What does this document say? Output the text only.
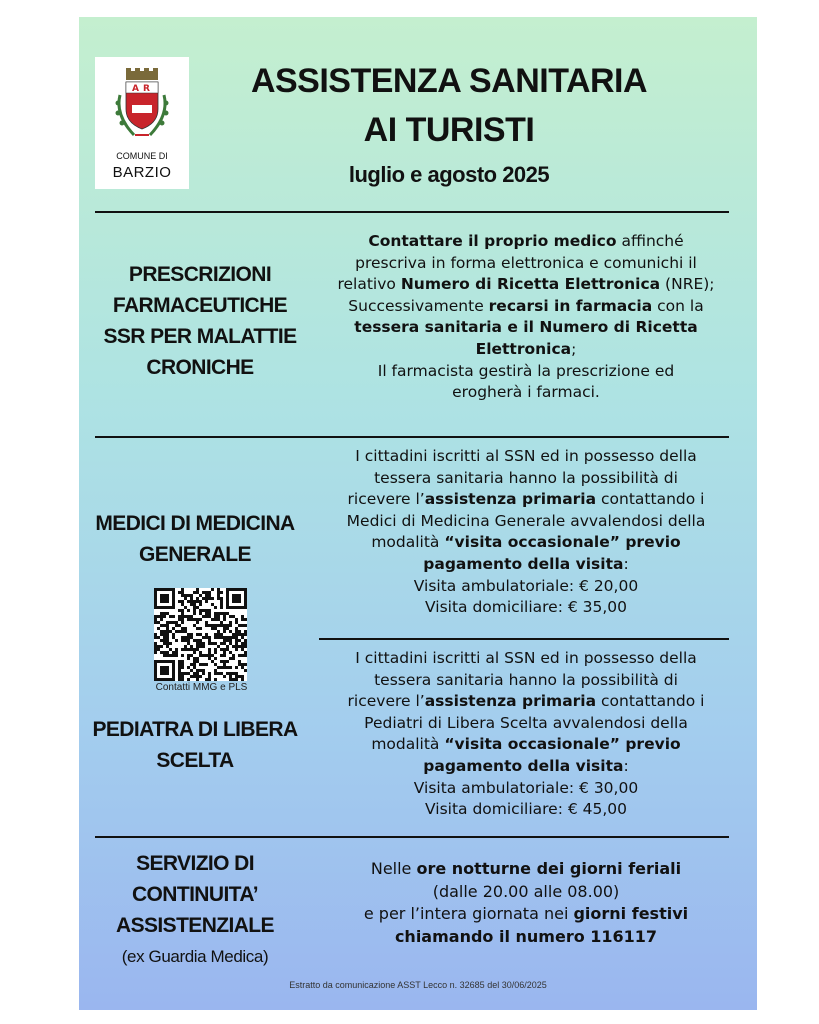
A R
COMUNE DI
BARZIO
ASSISTENZA SANITARIA
AI TURISTI
luglio e agosto 2025
PRESCRIZIONI
FARMACEUTICHE
SSR PER MALATTIE
CRONICHE
Contattare il proprio medico affinché
prescriva in forma elettronica e comunichi il
relativo Numero di Ricetta Elettronica (NRE);
Successivamente recarsi in farmacia con la
tessera sanitaria e il Numero di Ricetta
Elettronica;
Il farmacista gestirà la prescrizione ed
erogherà i farmaci.
MEDICI DI MEDICINA
GENERALE
I cittadini iscritti al SSN ed in possesso della
tessera sanitaria hanno la possibilità di
ricevere l’assistenza primaria contattando i
Medici di Medicina Generale avvalendosi della
modalità “visita occasionale” previo
pagamento della visita:
Visita ambulatoriale: € 20,00
Visita domiciliare: € 35,00
Contatti MMG e PLS
PEDIATRA DI LIBERA
SCELTA
I cittadini iscritti al SSN ed in possesso della
tessera sanitaria hanno la possibilità di
ricevere l’assistenza primaria contattando i
Pediatri di Libera Scelta avvalendosi della
modalità “visita occasionale” previo
pagamento della visita:
Visita ambulatoriale: € 30,00
Visita domiciliare: € 45,00
SERVIZIO DI
CONTINUITA’
ASSISTENZIALE
(ex Guardia Medica)
Nelle ore notturne dei giorni feriali
(dalle 20.00 alle 08.00)
e per l’intera giornata nei giorni festivi
chiamando il numero 116117
Estratto da comunicazione ASST Lecco n. 32685 del 30/06/2025
